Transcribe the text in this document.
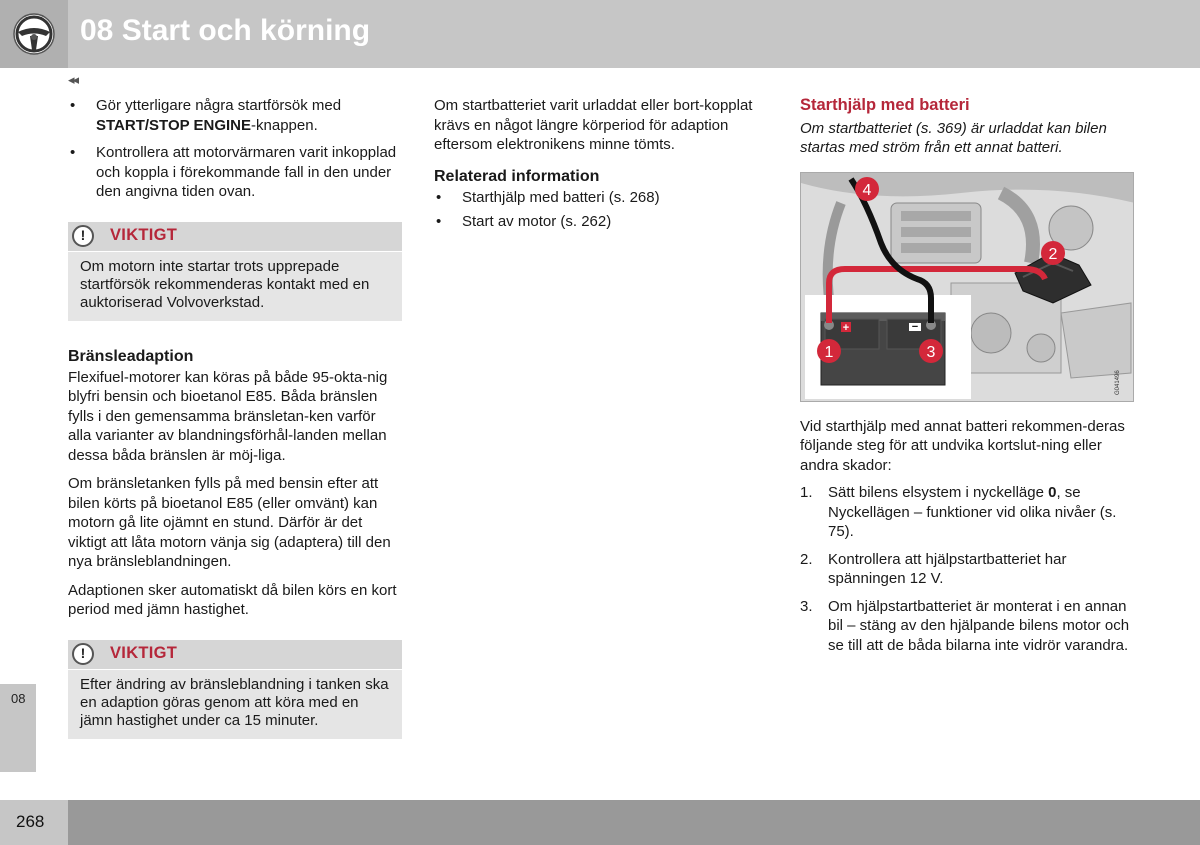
08 Start och körning
◂◂
08
268
•	Gör ytterligare några startförsök med START/STOP ENGINE-knappen.
•	Kontrollera att motorvärmaren varit inkopplad och koppla i förekommande fall in den under den angivna tiden ovan.
!	VIKTIGT
Om motorn inte startar trots upprepade startförsök rekommenderas kontakt med en auktoriserad Volvoverkstad.
Bränsleadaption

Flexifuel-motorer kan köras på både 95-okta-nig blyfri bensin och bioetanol E85. Båda bränslen fylls i den gemensamma bränsletan-ken varför alla varianter av blandningsförhål-landen mellan dessa båda bränslen är möj-liga.

Om bränsletanken fylls på med bensin efter att bilen körts på bioetanol E85 (eller omvänt) kan motorn gå lite ojämnt en stund. Därför är det viktigt att låta motorn vänja sig (adaptera) till den nya bränsleblandningen.

Adaptionen sker automatiskt då bilen körs en kort period med jämn hastighet.

!	VIKTIGT
Efter ändring av bränsleblandning i tanken ska en adaption göras genom att köra med en jämn hastighet under ca 15 minuter.

Om startbatteriet varit urladdat eller bort-kopplat krävs en något längre körperiod för adaption eftersom elektronikens minne tömts.

Relaterad information
•	Starthjälp med batteri (s. 268)
•	Start av motor (s. 262)
Starthjälp med batteri
Om startbatteriet (s. 369) är urladdat kan bilen startas med ström från ett annat batteri.
+	−
1
2
3
4
G041496

Vid starthjälp med annat batteri rekommen-deras följande steg för att undvika kortslut-ning eller andra skador:

1.	Sätt bilens elsystem i nyckelläge 0, se Nyckellägen – funktioner vid olika nivåer (s. 75).
2.	Kontrollera att hjälpstartbatteriet har spänningen 12 V.
3.	Om hjälpstartbatteriet är monterat i en annan bil – stäng av den hjälpande bilens motor och se till att de båda bilarna inte vidrör varandra.
